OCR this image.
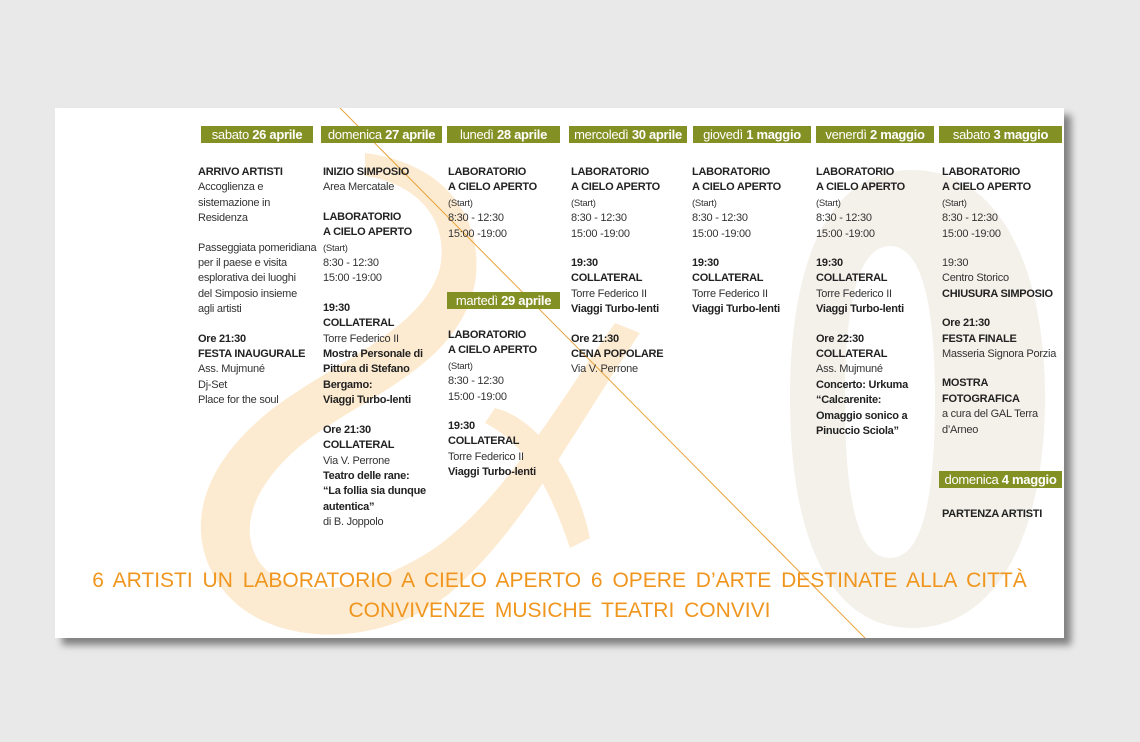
sabato 26 aprile
ARRIVO ARTISTI
Accoglienza e
sistemazione in
Residenza
Passeggiata pomeridiana
per il paese e visita
esplorativa dei luoghi
del Simposio insieme
agli artisti
Ore 21:30
FESTA INAUGURALE
Ass. Mujmuné
Dj-Set
Place for the soul
domenica 27 aprile
INIZIO SIMPOSIO
Area Mercatale
LABORATORIO
A CIELO APERTO
(Start)
8:30 - 12:30
15:00 -19:00
19:30
COLLATERAL
Torre Federico II
Mostra Personale di
Pittura di Stefano
Bergamo:
Viaggi Turbo-lenti
Ore 21:30
COLLATERAL
Via V. Perrone
Teatro delle rane:
“La follia sia dunque
autentica”
di B. Joppolo
lunedì 28 aprile
LABORATORIO
A CIELO APERTO
(Start)
8:30 - 12:30
15:00 -19:00
martedì 29 aprile
LABORATORIO
A CIELO APERTO
(Start)
8:30 - 12:30
15:00 -19:00
19:30
COLLATERAL
Torre Federico II
Viaggi Turbo-lenti
mercoledì 30 aprile
LABORATORIO
A CIELO APERTO
(Start)
8:30 - 12:30
15:00 -19:00
19:30
COLLATERAL
Torre Federico II
Viaggi Turbo-lenti
Ore 21:30
CENA POPOLARE
Via V. Perrone
giovedì 1 maggio
LABORATORIO
A CIELO APERTO
(Start)
8:30 - 12:30
15:00 -19:00
19:30
COLLATERAL
Torre Federico II
Viaggi Turbo-lenti
venerdì 2 maggio
LABORATORIO
A CIELO APERTO
(Start)
8:30 - 12:30
15:00 -19:00
19:30
COLLATERAL
Torre Federico II
Viaggi Turbo-lenti
Ore 22:30
COLLATERAL
Ass. Mujmuné
Concerto: Urkuma
“Calcarenite:
Omaggio sonico a
Pinuccio Sciola”
sabato 3 maggio
LABORATORIO
A CIELO APERTO
(Start)
8:30 - 12:30
15:00 -19:00
19:30
Centro Storico
CHIUSURA SIMPOSIO
Ore 21:30
FESTA FINALE
Masseria Signora Porzia
MOSTRA FOTOGRAFICA
a cura del GAL Terra
d’Arneo
domenica 4 maggio
PARTENZA ARTISTI
6 ARTISTI UN LABORATORIO A CIELO APERTO 6 OPERE D’ARTE DESTINATE ALLA CITTÀ
CONVIVENZE MUSICHE TEATRI CONVIVI
